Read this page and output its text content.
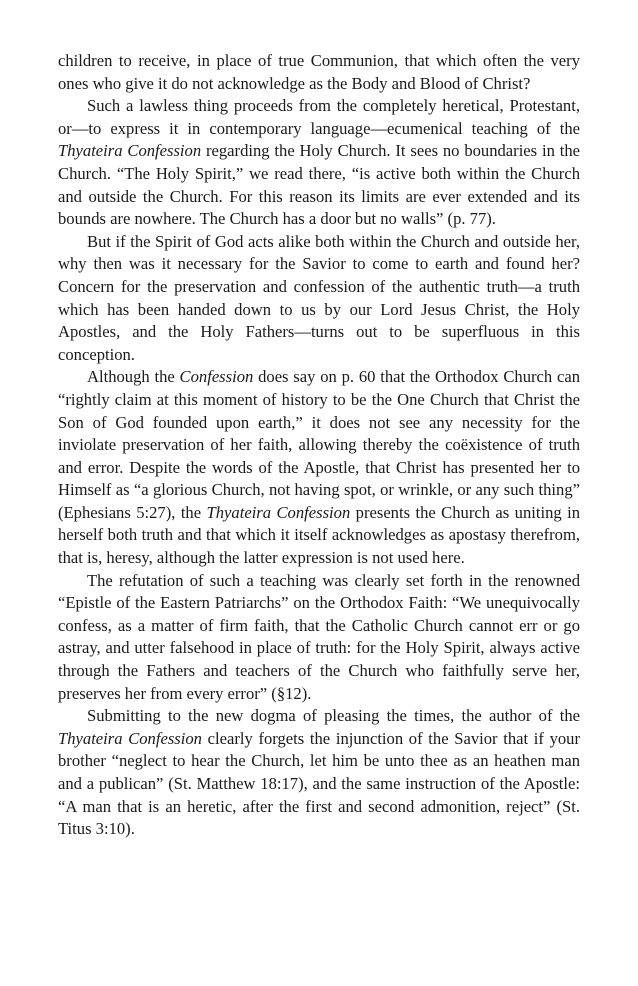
children to receive, in place of true Communion, that which often the very ones who give it do not acknowledge as the Body and Blood of Christ?

Such a lawless thing proceeds from the completely heretical, Protestant, or—to express it in contemporary language—ecumenical teaching of the Thyateira Confession regarding the Holy Church. It sees no boundaries in the Church. “The Holy Spirit,” we read there, “is active both within the Church and outside the Church. For this reason its limits are ever extended and its bounds are nowhere. The Church has a door but no walls” (p. 77).

But if the Spirit of God acts alike both within the Church and outside her, why then was it necessary for the Savior to come to earth and found her? Concern for the preservation and confession of the authentic truth—a truth which has been handed down to us by our Lord Jesus Christ, the Holy Apostles, and the Holy Fathers—turns out to be superfluous in this conception.

Although the Confession does say on p. 60 that the Orthodox Church can “rightly claim at this moment of history to be the One Church that Christ the Son of God founded upon earth,” it does not see any necessity for the inviolate preservation of her faith, allowing thereby the coëxistence of truth and error. Despite the words of the Apostle, that Christ has presented her to Himself as “a glorious Church, not having spot, or wrinkle, or any such thing” (Ephesians 5:27), the Thyateira Confession presents the Church as uniting in herself both truth and that which it itself acknowledges as apostasy therefrom, that is, heresy, although the latter expression is not used here.

The refutation of such a teaching was clearly set forth in the renowned “Epistle of the Eastern Patriarchs” on the Orthodox Faith: “We unequivocally confess, as a matter of firm faith, that the Catholic Church cannot err or go astray, and utter falsehood in place of truth: for the Holy Spirit, always active through the Fathers and teachers of the Church who faithfully serve her, preserves her from every error” (§12).

Submitting to the new dogma of pleasing the times, the author of the Thyateira Confession clearly forgets the injunction of the Savior that if your brother “neglect to hear the Church, let him be unto thee as an heathen man and a publican” (St. Matthew 18:17), and the same instruction of the Apostle: “A man that is an heretic, after the first and second admonition, reject” (St. Titus 3:10).
